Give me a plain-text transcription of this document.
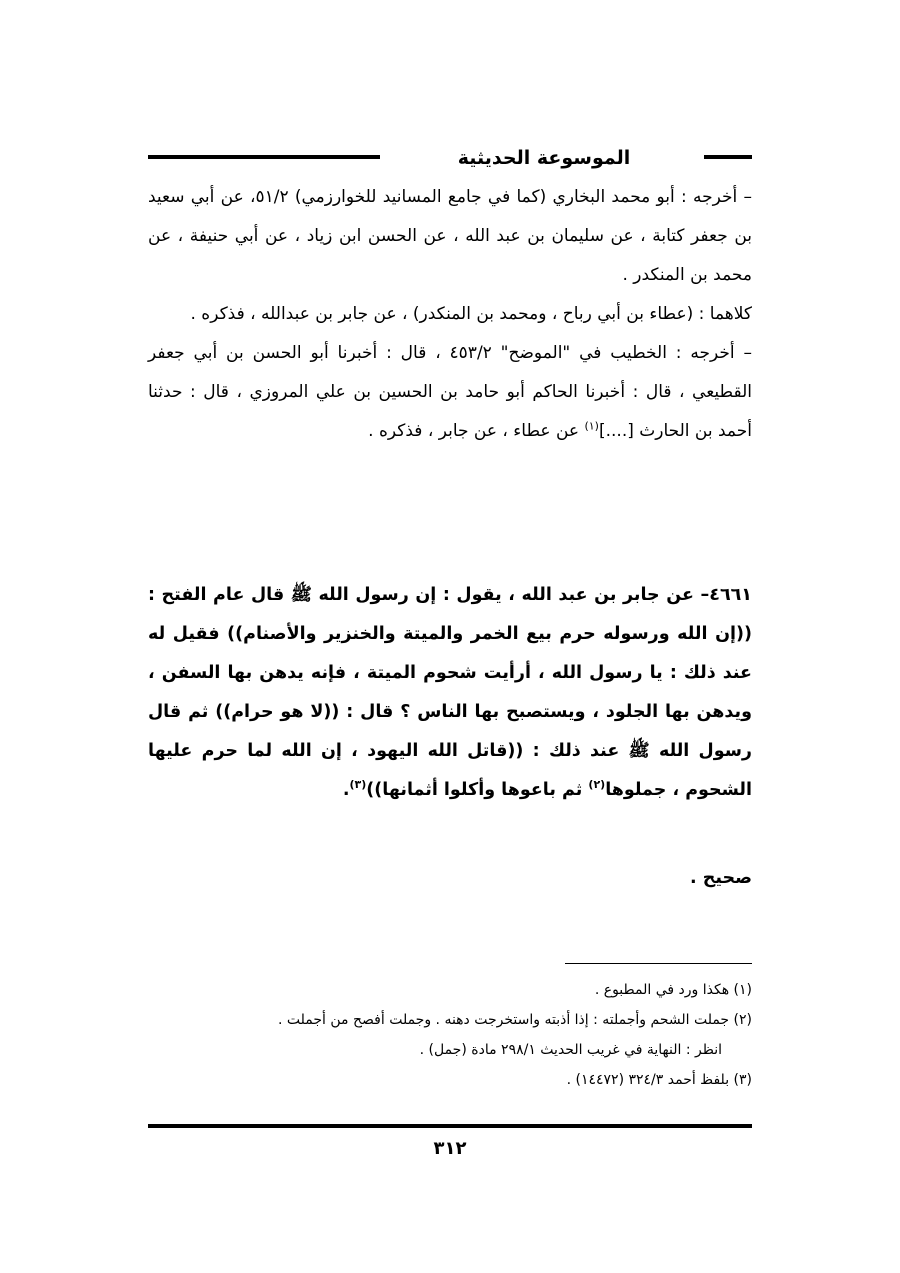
الموسوعة الحديثية

– أخرجه : أبو محمد البخاري (كما في جامع المسانيد للخوارزمي) ٥١/٢، عن أبي سعيد بن جعفر كتابة ، عن سليمان بن عبد الله ، عن الحسن ابن زياد ، عن أبي حنيفة ، عن محمد بن المنكدر .

كلاهما : (عطاء بن أبي رباح ، ومحمد بن المنكدر) ، عن جابر بن عبدالله ، فذكره .

– أخرجه : الخطيب في "الموضح" ٤٥٣/٢ ، قال : أخبرنا أبو الحسن بن أبي جعفر القطيعي ، قال : أخبرنا الحاكم أبو حامد بن الحسين بن علي المروزي ، قال : حدثنا أحمد بن الحارث [....]$^{(١)}$ عن عطاء ، عن جابر ، فذكره .

٤٦٦١– عن جابر بن عبد الله ، يقول : إن رسول الله ﷺ قال عام الفتح : ((إن الله ورسوله حرم بيع الخمر والميتة والخنزير والأصنام)) فقيل له عند ذلك : يا رسول الله ، أرأيت شحوم الميتة ، فإنه يدهن بها السفن ، ويدهن بها الجلود ، ويستصبح بها الناس ؟ قال : ((لا هو حرام)) ثم قال رسول الله ﷺ عند ذلك : ((قاتل الله اليهود ، إن الله لما حرم عليها الشحوم ، جملوها$^{(٢)}$ ثم باعوها وأكلوا أثمانها))$^{(٣)}$.

صحيح .

(١) هكذا ورد في المطبوع .

(٢) جملت الشحم وأجملته : إذا أذبته واستخرجت دهنه . وجملت أفصح من أجملت .

انظر : النهاية في غريب الحديث ٢٩٨/١ مادة (جمل) .

(٣) بلفظ أحمد ٣٢٤/٣ (١٤٤٧٢) .

٣١٢
